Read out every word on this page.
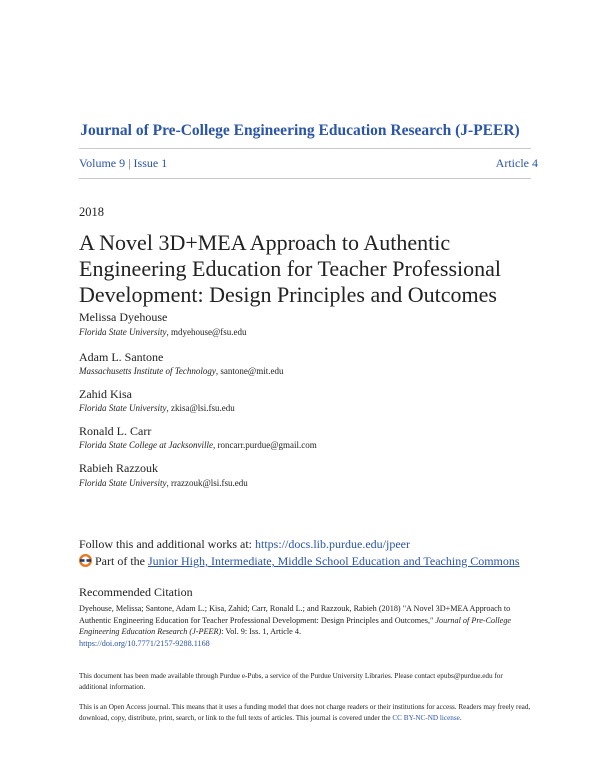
Journal of Pre-College Engineering Education Research (J-PEER)
Volume 9 | Issue 1	Article 4
2018
A Novel 3D+MEA Approach to Authentic Engineering Education for Teacher Professional Development: Design Principles and Outcomes
Melissa Dyehouse
Florida State University, mdyehouse@fsu.edu
Adam L. Santone
Massachusetts Institute of Technology, santone@mit.edu
Zahid Kisa
Florida State University, zkisa@lsi.fsu.edu
Ronald L. Carr
Florida State College at Jacksonville, roncarr.purdue@gmail.com
Rabieh Razzouk
Florida State University, rrazzouk@lsi.fsu.edu
Follow this and additional works at: https://docs.lib.purdue.edu/jpeer
Part of the Junior High, Intermediate, Middle School Education and Teaching Commons
Recommended Citation
Dyehouse, Melissa; Santone, Adam L.; Kisa, Zahid; Carr, Ronald L.; and Razzouk, Rabieh (2018) "A Novel 3D+MEA Approach to Authentic Engineering Education for Teacher Professional Development: Design Principles and Outcomes," Journal of Pre-College Engineering Education Research (J-PEER): Vol. 9: Iss. 1, Article 4.
https://doi.org/10.7771/2157-9288.1168
This document has been made available through Purdue e-Pubs, a service of the Purdue University Libraries. Please contact epubs@purdue.edu for additional information.
This is an Open Access journal. This means that it uses a funding model that does not charge readers or their institutions for access. Readers may freely read, download, copy, distribute, print, search, or link to the full texts of articles. This journal is covered under the CC BY-NC-ND license.
